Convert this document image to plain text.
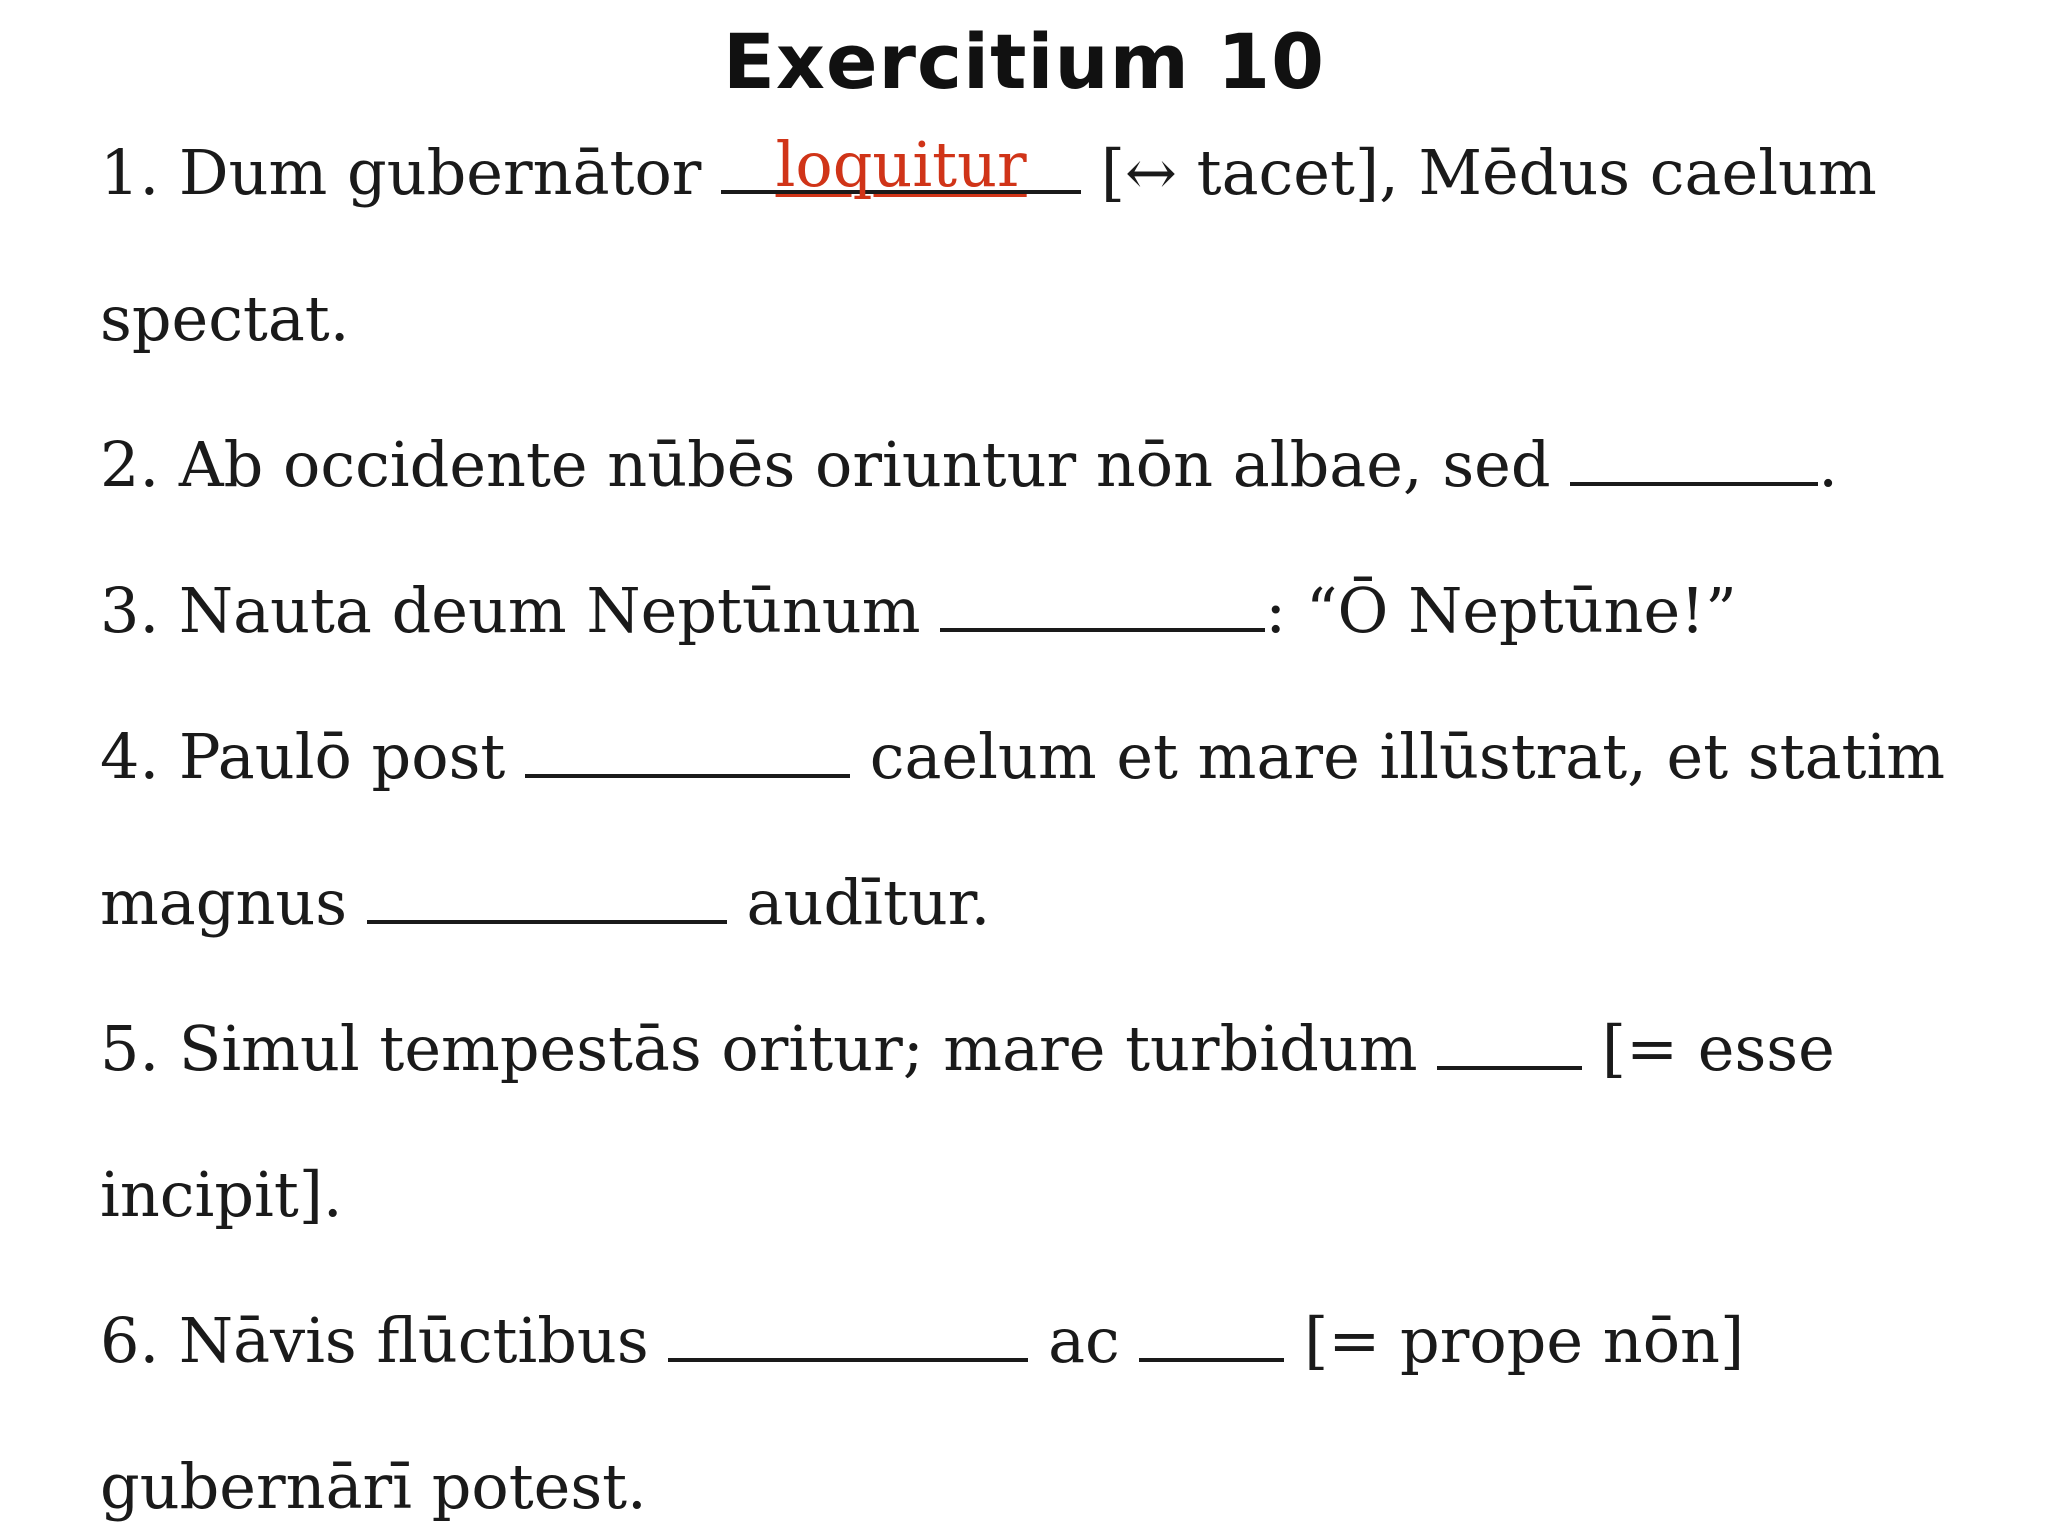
Exercitium 10
1. Dum gubernātor loquitur [↔ tacet], Mēdus caelum
spectat.
2. Ab occidente nūbēs oriuntur nōn albae, sed	.
3. Nauta deum Neptūnum	: “Ō Neptūne!”
4. Paulō post	caelum et mare illūstrat, et statim
magnus	audītur.
5. Simul tempestās oritur; mare turbidum  [= esse
incipit].
6. Nāvis flūctibus	ac  [= prope nōn]
gubernārī potest.
